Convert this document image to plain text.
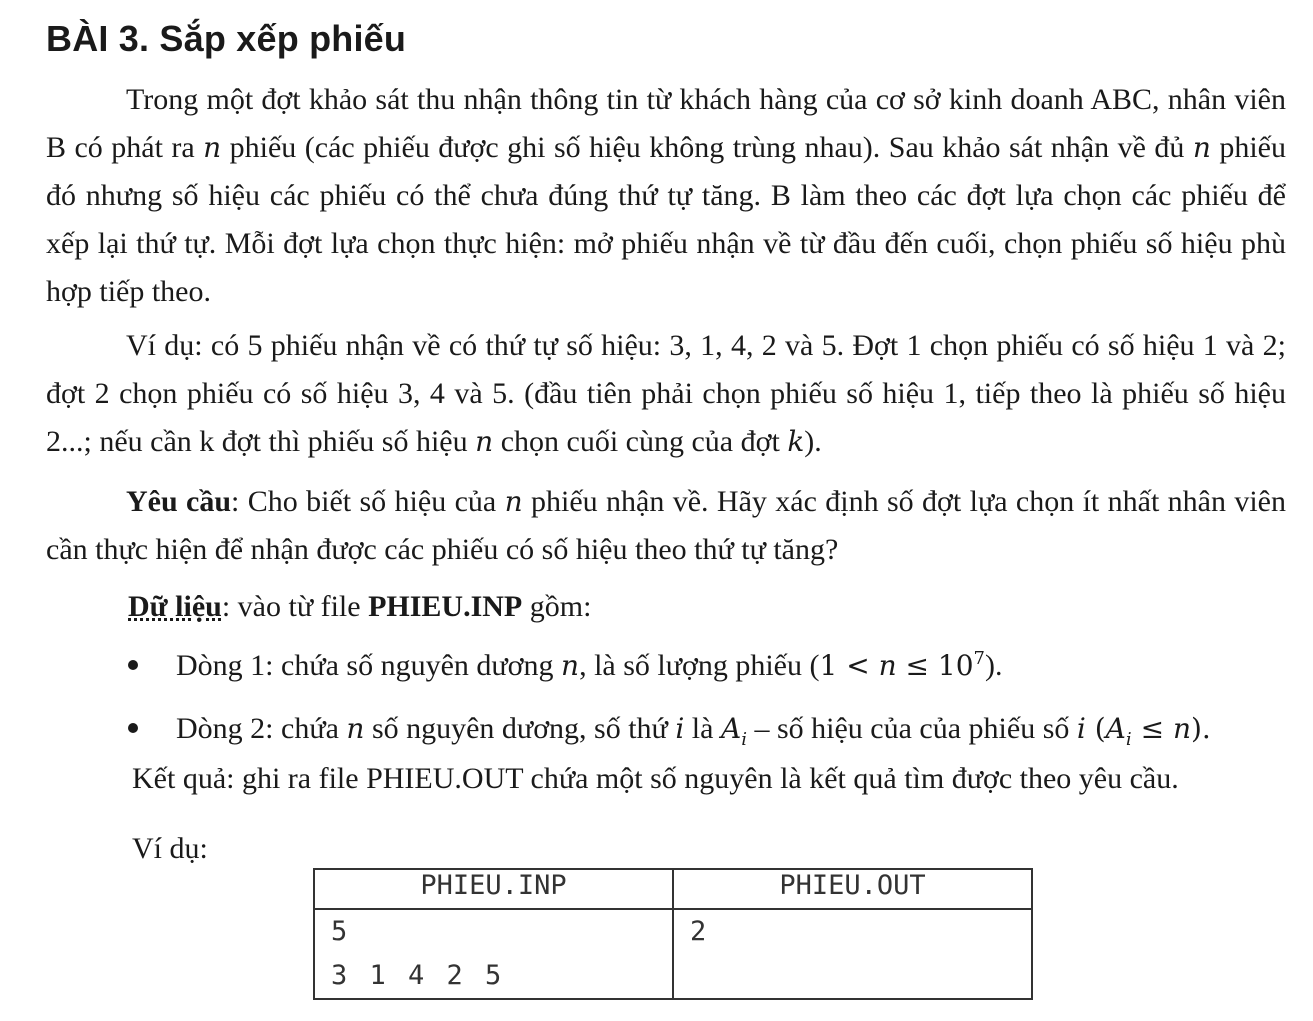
BÀI 3. Sắp xếp phiếu

Trong một đợt khảo sát thu nhận thông tin từ khách hàng của cơ sở kinh doanh ABC, nhân viên B có phát ra n phiếu (các phiếu được ghi số hiệu không trùng nhau). Sau khảo sát nhận về đủ n phiếu đó nhưng số hiệu các phiếu có thể chưa đúng thứ tự tăng. B làm theo các đợt lựa chọn các phiếu để xếp lại thứ tự. Mỗi đợt lựa chọn thực hiện: mở phiếu nhận về từ đầu đến cuối, chọn phiếu số hiệu phù hợp tiếp theo.

Ví dụ: có 5 phiếu nhận về có thứ tự số hiệu: 3, 1, 4, 2 và 5. Đợt 1 chọn phiếu có số hiệu 1 và 2; đợt 2 chọn phiếu có số hiệu 3, 4 và 5. (đầu tiên phải chọn phiếu số hiệu 1, tiếp theo là phiếu số hiệu 2...; nếu cần k đợt thì phiếu số hiệu n chọn cuối cùng của đợt k).

Yêu cầu: Cho biết số hiệu của n phiếu nhận về. Hãy xác định số đợt lựa chọn ít nhất nhân viên cần thực hiện để nhận được các phiếu có số hiệu theo thứ tự tăng?

Dữ liệu: vào từ file PHIEU.INP gồm:
Dòng 1: chứa số nguyên dương n, là số lượng phiếu $(1 < n \le 10^7)$.
Dòng 2: chứa n số nguyên dương, số thứ i là $A_i$ – số hiệu của của phiếu số i $(A_i \le n)$.
Kết quả: ghi ra file PHIEU.OUT chứa một số nguyên là kết quả tìm được theo yêu cầu.
Ví dụ:
PHIEU.INP	PHIEU.OUT

5
3 1 4 2 5	2
